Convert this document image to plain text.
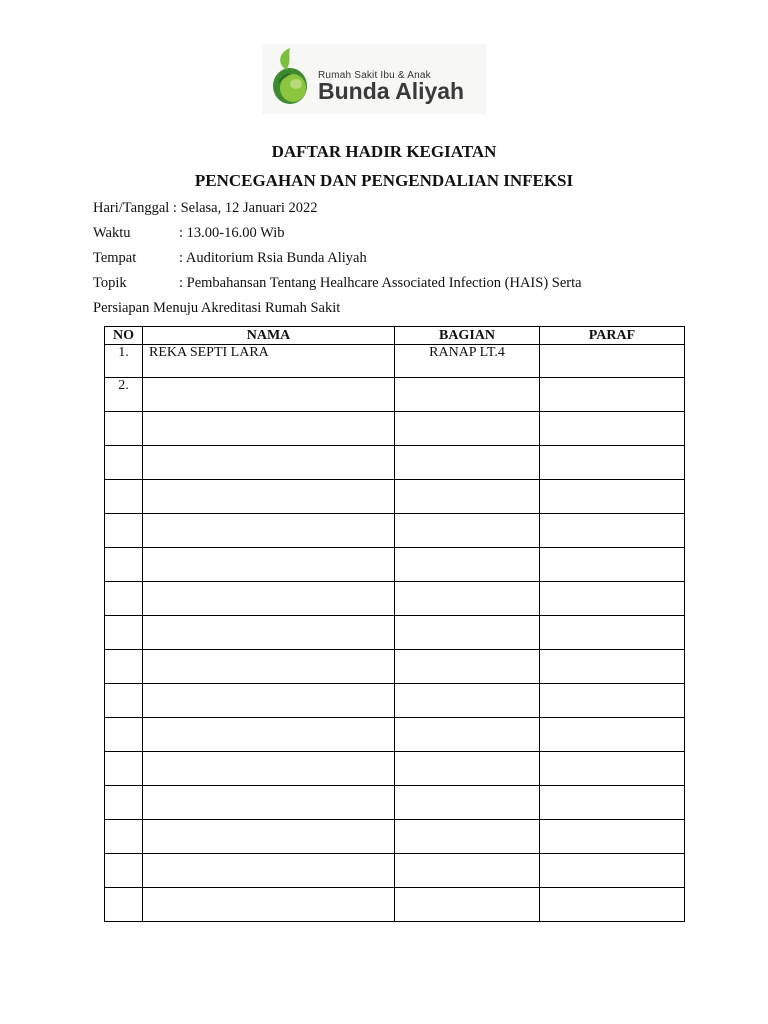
Rumah Sakit Ibu & Anak
Bunda Aliyah
DAFTAR HADIR KEGIATAN
PENCEGAHAN DAN PENGENDALIAN INFEKSI
Hari/Tanggal : Selasa, 12 Januari 2022
Waktu	: 13.00-16.00 Wib
Tempat	: Auditorium Rsia Bunda Aliyah
Topik	: Pembahansan Tentang Healhcare Associated Infection (HAIS) Serta
Persiapan Menuju Akreditasi Rumah Sakit
NO	NAMA	BAGIAN	PARAF
1.	REKA SEPTI LARA	RANAP LT.4	
2.			
